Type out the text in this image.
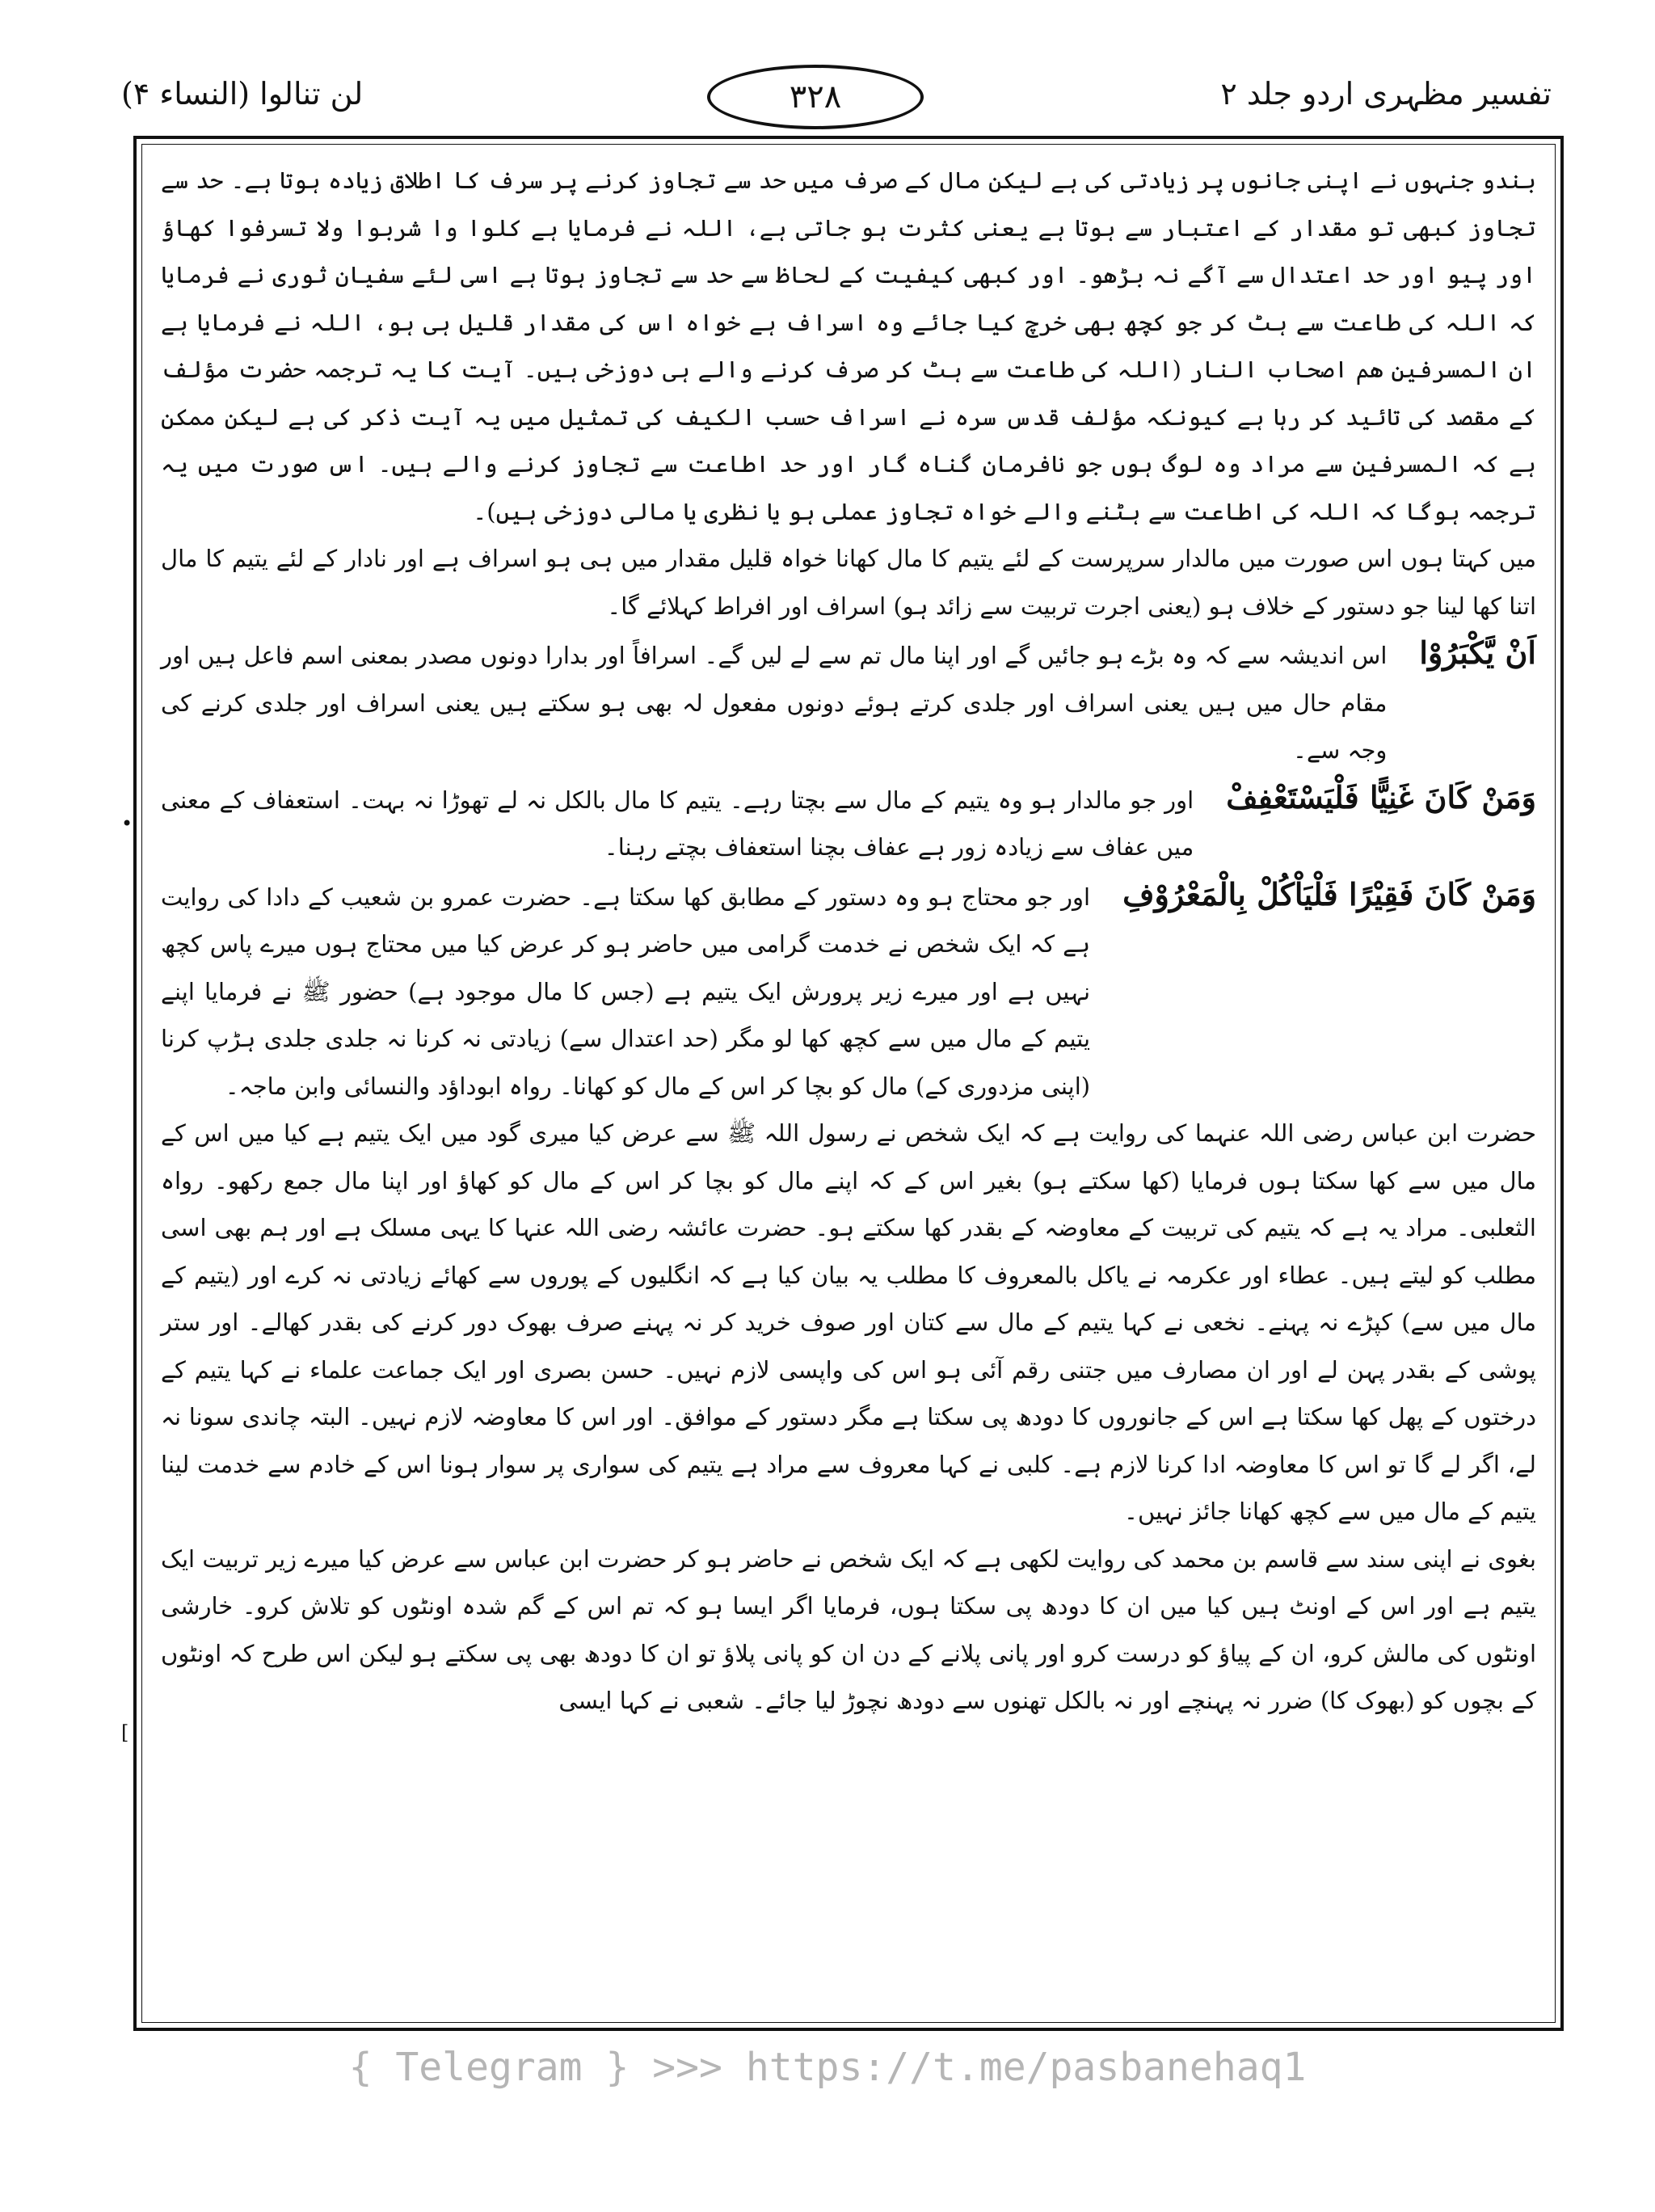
لن تنالوا (النساء ۴)	۳۲۸	تفسیر مظہری اردو جلد ۲
•
[

بندو جنہوں نے اپنی جانوں پر زیادتی کی ہے لیکن مال کے صرف میں حد سے تجاوز کرنے پر سرف کا اطلاق زیادہ ہوتا ہے۔ حد سے تجاوز کبھی تو مقدار کے اعتبار سے ہوتا ہے یعنی کثرت ہو جاتی ہے، اللہ نے فرمایا ہے کلوا وا شربوا ولا تسرفوا کھاؤ اور پیو اور حد اعتدال سے آگے نہ بڑھو۔ اور کبھی کیفیت کے لحاظ سے حد سے تجاوز ہوتا ہے اسی لئے سفیان ثوری نے فرمایا کہ اللہ کی طاعت سے ہٹ کر جو کچھ بھی خرچ کیا جائے وہ اسراف ہے خواہ اس کی مقدار قلیل ہی ہو، اللہ نے فرمایا ہے ان المسرفین ھم اصحاب النار (اللہ کی طاعت سے ہٹ کر صرف کرنے والے ہی دوزخی ہیں۔ آیت کا یہ ترجمہ حضرت مؤلف کے مقصد کی تائید کر رہا ہے کیونکہ مؤلف قدس سرہ نے اسراف حسب الکیف کی تمثیل میں یہ آیت ذکر کی ہے لیکن ممکن ہے کہ المسرفین سے مراد وہ لوگ ہوں جو نافرمان گناہ گار اور حد اطاعت سے تجاوز کرنے والے ہیں۔ اس صورت میں یہ ترجمہ ہوگا کہ اللہ کی اطاعت سے ہٹنے والے خواہ تجاوز عملی ہو یا نظری یا مالی دوزخی ہیں)۔

میں کہتا ہوں اس صورت میں مالدار سرپرست کے لئے یتیم کا مال کھانا خواہ قلیل مقدار میں ہی ہو اسراف ہے اور نادار کے لئے یتیم کا مال اتنا کھا لینا جو دستور کے خلاف ہو (یعنی اجرت تربیت سے زائد ہو) اسراف اور افراط کہلائے گا۔

اَنْ يَّكْبَرُوْا
اس اندیشہ سے کہ وہ بڑے ہو جائیں گے اور اپنا مال تم سے لے لیں گے۔ اسرافاً اور بدارا دونوں مصدر بمعنی اسم فاعل ہیں اور مقام حال میں ہیں یعنی اسراف اور جلدی کرتے ہوئے دونوں مفعول لہ بھی ہو سکتے ہیں یعنی اسراف اور جلدی کرنے کی وجہ سے۔
وَمَنْ كَانَ غَنِيًّا فَلْيَسْتَعْفِفْ
اور جو مالدار ہو وہ یتیم کے مال سے بچتا رہے۔ یتیم کا مال بالکل نہ لے تھوڑا نہ بہت۔ استعفاف کے معنی میں عفاف سے زیادہ زور ہے عفاف بچنا استعفاف بچتے رہنا۔
وَمَنْ كَانَ فَقِيْرًا فَلْيَاْكُلْ بِالْمَعْرُوْفِ
اور جو محتاج ہو وہ دستور کے مطابق کھا سکتا ہے۔ حضرت عمرو بن شعیب کے دادا کی روایت ہے کہ ایک شخص نے خدمت گرامی میں حاضر ہو کر عرض کیا میں محتاج ہوں میرے پاس کچھ نہیں ہے اور میرے زیر پرورش ایک یتیم ہے (جس کا مال موجود ہے) حضور ﷺ نے فرمایا اپنے یتیم کے مال میں سے کچھ کھا لو مگر (حد اعتدال سے) زیادتی نہ کرنا نہ جلدی جلدی ہڑپ کرنا (اپنی مزدوری کے) مال کو بچا کر اس کے مال کو کھانا۔ رواہ ابوداؤد والنسائی وابن ماجہ۔

حضرت ابن عباس رضی اللہ عنہما کی روایت ہے کہ ایک شخص نے رسول اللہ ﷺ سے عرض کیا میری گود میں ایک یتیم ہے کیا میں اس کے مال میں سے کھا سکتا ہوں فرمایا (کھا سکتے ہو) بغیر اس کے کہ اپنے مال کو بچا کر اس کے مال کو کھاؤ اور اپنا مال جمع رکھو۔ رواہ الثعلبی۔ مراد یہ ہے کہ یتیم کی تربیت کے معاوضہ کے بقدر کھا سکتے ہو۔ حضرت عائشہ رضی اللہ عنہا کا یہی مسلک ہے اور ہم بھی اسی مطلب کو لیتے ہیں۔ عطاء اور عکرمہ نے یاکل بالمعروف کا مطلب یہ بیان کیا ہے کہ انگلیوں کے پوروں سے کھائے زیادتی نہ کرے اور (یتیم کے مال میں سے) کپڑے نہ پہنے۔ نخعی نے کہا یتیم کے مال سے کتان اور صوف خرید کر نہ پہنے صرف بھوک دور کرنے کی بقدر کھالے۔ اور ستر پوشی کے بقدر پہن لے اور ان مصارف میں جتنی رقم آئی ہو اس کی واپسی لازم نہیں۔ حسن بصری اور ایک جماعت علماء نے کہا یتیم کے درختوں کے پھل کھا سکتا ہے اس کے جانوروں کا دودھ پی سکتا ہے مگر دستور کے موافق۔ اور اس کا معاوضہ لازم نہیں۔ البتہ چاندی سونا نہ لے، اگر لے گا تو اس کا معاوضہ ادا کرنا لازم ہے۔ کلبی نے کہا معروف سے مراد ہے یتیم کی سواری پر سوار ہونا اس کے خادم سے خدمت لینا یتیم کے مال میں سے کچھ کھانا جائز نہیں۔

بغوی نے اپنی سند سے قاسم بن محمد کی روایت لکھی ہے کہ ایک شخص نے حاضر ہو کر حضرت ابن عباس سے عرض کیا میرے زیر تربیت ایک یتیم ہے اور اس کے اونٹ ہیں کیا میں ان کا دودھ پی سکتا ہوں، فرمایا اگر ایسا ہو کہ تم اس کے گم شدہ اونٹوں کو تلاش کرو۔ خارشی اونٹوں کی مالش کرو، ان کے پیاؤ کو درست کرو اور پانی پلانے کے دن ان کو پانی پلاؤ تو ان کا دودھ بھی پی سکتے ہو لیکن اس طرح کہ اونٹوں کے بچوں کو (بھوک کا) ضرر نہ پہنچے اور نہ بالکل تھنوں سے دودھ نچوڑ لیا جائے۔ شعبی نے کہا ایسی

{ Telegram } >>> https://t.me/pasbanehaq1
